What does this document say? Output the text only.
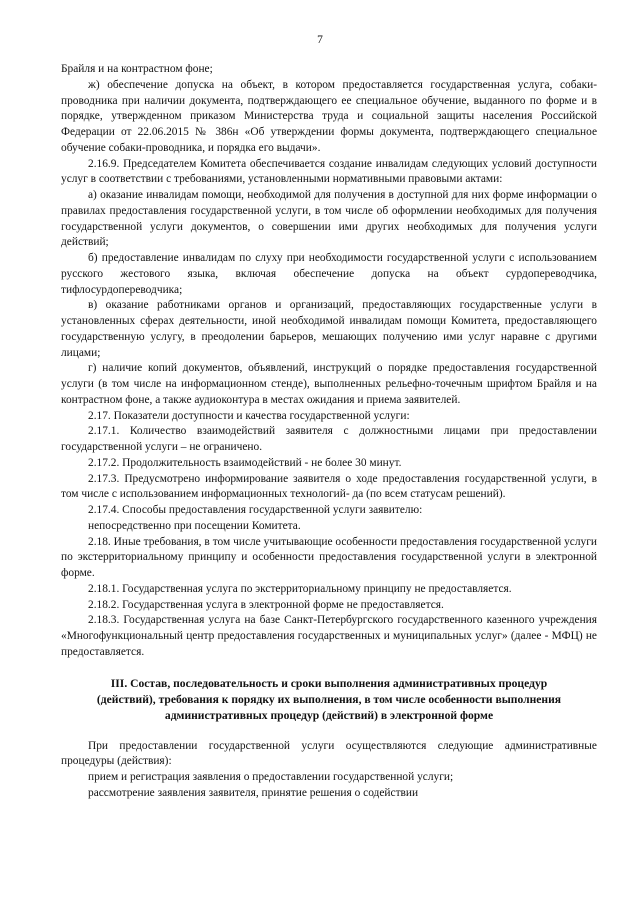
7

Брайля и на контрастном фоне;

ж) обеспечение допуска на объект, в котором предоставляется государственная услуга, собаки-проводника при наличии документа, подтверждающего ее специальное обучение, выданного по форме и в порядке, утвержденном приказом Министерства труда и социальной защиты населения Российской Федерации от 22.06.2015 № 386н «Об утверждении формы документа, подтверждающего специальное обучение собаки-проводника, и порядка его выдачи».

2.16.9. Председателем Комитета обеспечивается создание инвалидам следующих условий доступности услуг в соответствии с требованиями, установленными нормативными правовыми актами:

а) оказание инвалидам помощи, необходимой для получения в доступной для них форме информации о правилах предоставления государственной услуги, в том числе об оформлении необходимых для получения государственной услуги документов, о совершении ими других необходимых для получения услуги действий;

б) предоставление инвалидам по слуху при необходимости государственной услуги с использованием русского жестового языка, включая обеспечение допуска на объект сурдопереводчика, тифлосурдопереводчика;

в) оказание работниками органов и организаций, предоставляющих государственные услуги в установленных сферах деятельности, иной необходимой инвалидам помощи Комитета, предоставляющего государственную услугу, в преодолении барьеров, мешающих получению ими услуг наравне с другими лицами;

г) наличие копий документов, объявлений, инструкций о порядке предоставления государственной услуги (в том числе на информационном стенде), выполненных рельефно-точечным шрифтом Брайля и на контрастном фоне, а также аудиоконтура в местах ожидания и приема заявителей.

2.17. Показатели доступности и качества государственной услуги:

2.17.1. Количество взаимодействий заявителя с должностными лицами при предоставлении государственной услуги – не ограничено.

2.17.2. Продолжительность взаимодействий - не более 30 минут.

2.17.3. Предусмотрено информирование заявителя о ходе предоставления государственной услуги, в том числе с использованием информационных технологий- да (по всем статусам решений).

2.17.4. Способы предоставления государственной услуги заявителю:

непосредственно при посещении Комитета.

2.18. Иные требования, в том числе учитывающие особенности предоставления государственной услуги по экстерриториальному принципу и особенности предоставления государственной услуги в электронной форме.

2.18.1. Государственная услуга по экстерриториальному принципу не предоставляется.

2.18.2. Государственная услуга в электронной форме не предоставляется.

2.18.3. Государственная услуга на базе Санкт-Петербургского государственного казенного учреждения «Многофункциональный центр предоставления государственных и муниципальных услуг» (далее - МФЦ) не предоставляется.

III. Состав, последовательность и сроки выполнения административных процедур (действий), требования к порядку их выполнения, в том числе особенности выполнения административных процедур (действий) в электронной форме

При предоставлении государственной услуги осуществляются следующие административные процедуры (действия):

прием и регистрация заявления о предоставлении государственной услуги;

рассмотрение заявления заявителя, принятие решения о содействии
